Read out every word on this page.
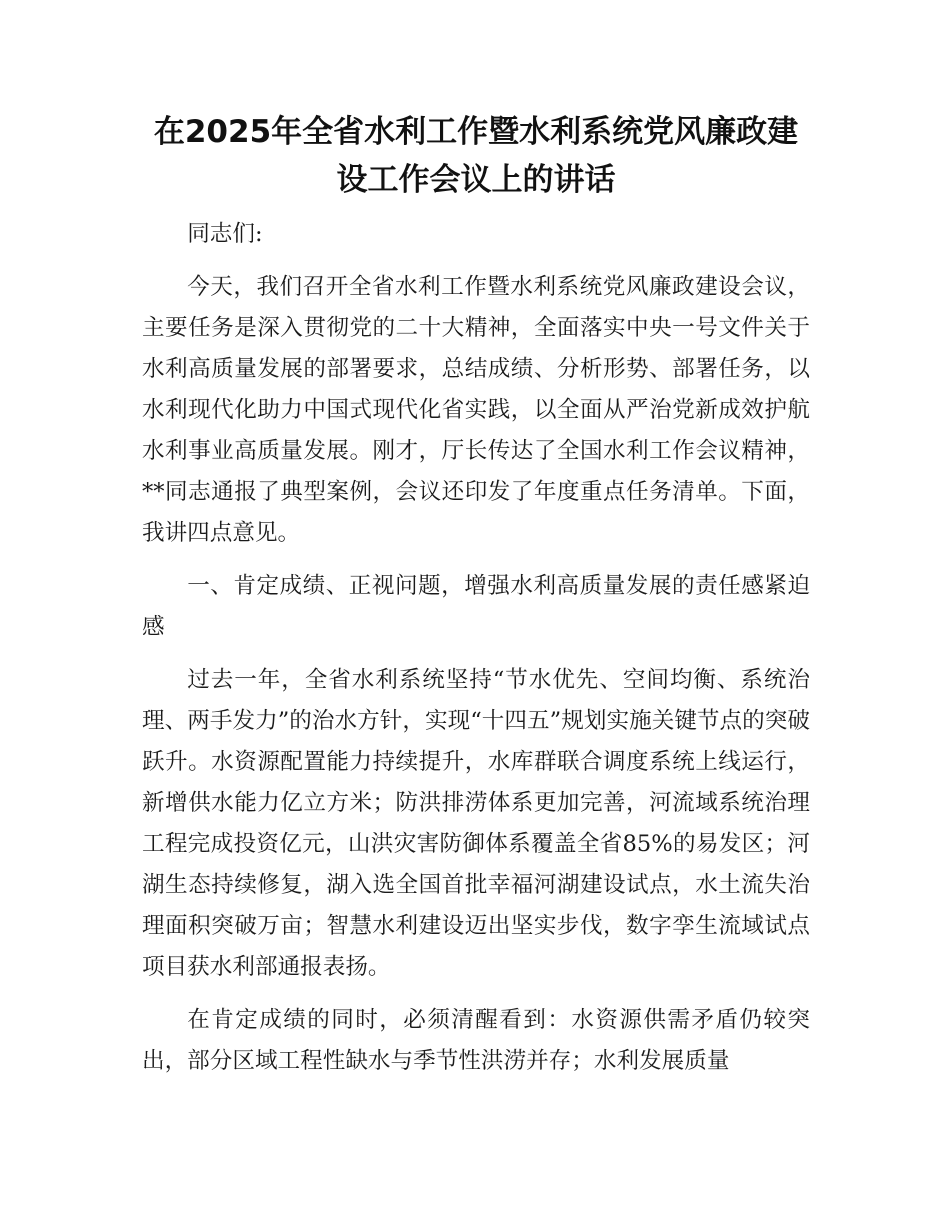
在2025年全省水利工作暨水利系统党风廉政建
设工作会议上的讲话

同志们:

今天，我们召开全省水利工作暨水利系统党风廉政建设会议，主要任务是深入贯彻党的二十大精神，全面落实中央一号文件关于水利高质量发展的部署要求，总结成绩、分析形势、部署任务，以水利现代化助力中国式现代化省实践，以全面从严治党新成效护航水利事业高质量发展。刚才，厅长传达了全国水利工作会议精神，**同志通报了典型案例，会议还印发了年度重点任务清单。下面，我讲四点意见。

一、肯定成绩、正视问题，增强水利高质量发展的责任感紧迫感

过去一年，全省水利系统坚持“节水优先、空间均衡、系统治理、两手发力”的治水方针，实现“十四五”规划实施关键节点的突破跃升。水资源配置能力持续提升，水库群联合调度系统上线运行，新增供水能力亿立方米；防洪排涝体系更加完善，河流域系统治理工程完成投资亿元，山洪灾害防御体系覆盖全省85%的易发区；河湖生态持续修复，湖入选全国首批幸福河湖建设试点，水土流失治理面积突破万亩；智慧水利建设迈出坚实步伐，数字孪生流域试点项目获水利部通报表扬。

在肯定成绩的同时，必须清醒看到：水资源供需矛盾仍较突出，部分区域工程性缺水与季节性洪涝并存；水利发展质量
